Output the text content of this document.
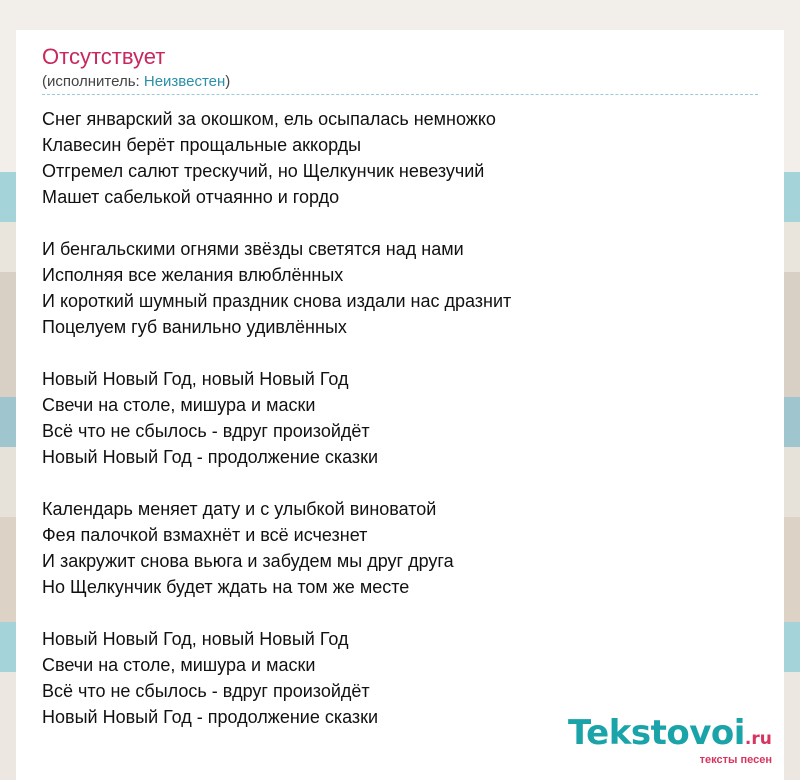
Отсутствует
(исполнитель: Неизвестен)
Снег январский за окошком, ель осыпалась немножко
Клавесин берёт прощальные аккорды
Отгремел салют трескучий, но Щелкунчик невезучий
Машет сабелькой отчаянно и гордо
И бенгальскими огнями звёзды светятся над нами
Исполняя все желания влюблённых
И короткий шумный праздник снова издали нас дразнит
Поцелуем губ ванильно удивлённых
Новый Новый Год, новый Новый Год
Свечи на столе, мишура и маски
Всё что не сбылось - вдруг произойдёт
Новый Новый Год - продолжение сказки
Календарь меняет дату и с улыбкой виноватой
Фея палочкой взмахнёт и всё исчезнет
И закружит снова вьюга и забудем мы друг друга
Но Щелкунчик будет ждать на том же месте
Новый Новый Год, новый Новый Год
Свечи на столе, мишура и маски
Всё что не сбылось - вдруг произойдёт
Новый Новый Год - продолжение сказки	Tekstovoi.ru
тексты песен
